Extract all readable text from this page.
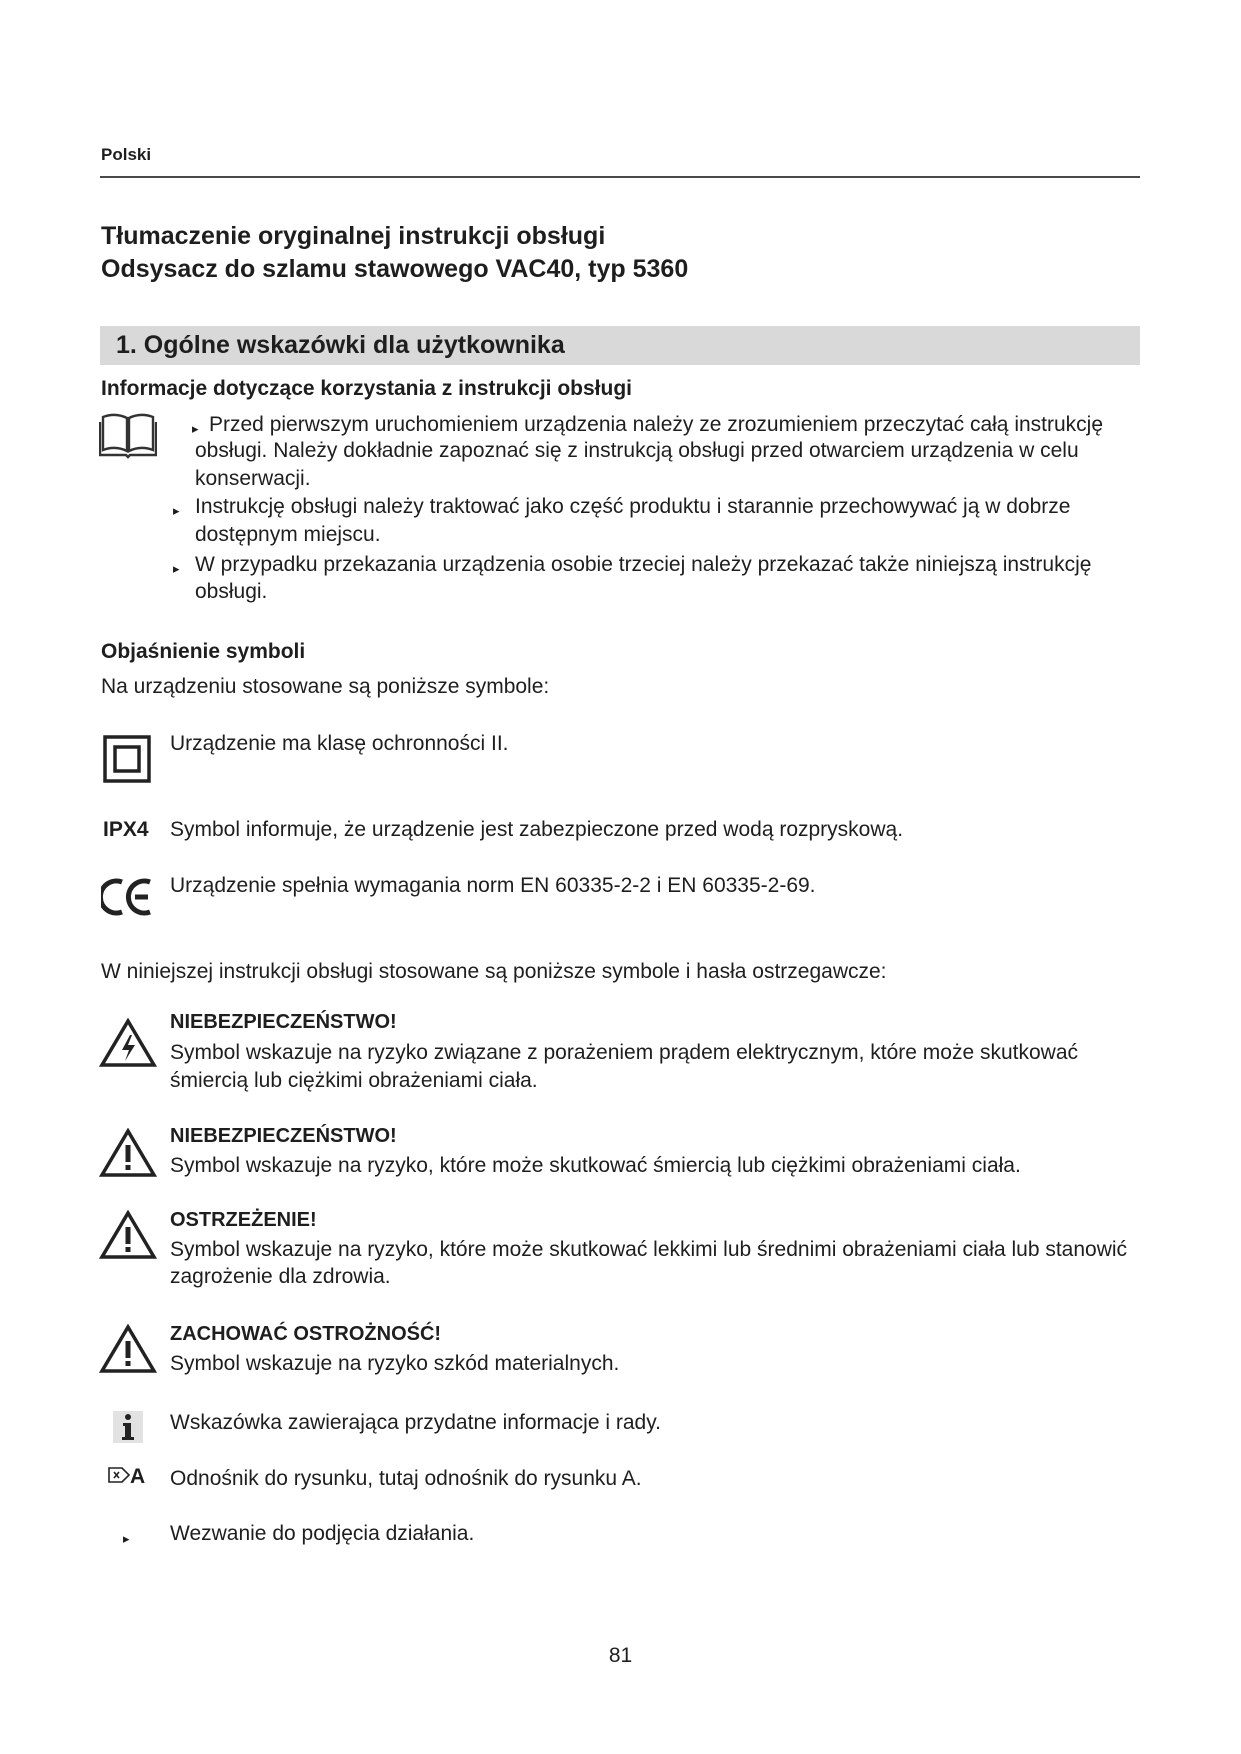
Polski
Tłumaczenie oryginalnej instrukcji obsługi
Odsysacz do szlamu stawowego VAC40, typ 5360
1. Ogólne wskazówki dla użytkownika
Informacje dotyczące korzystania z instrukcji obsługi
▸ Przed pierwszym uruchomieniem urządzenia należy ze zrozumieniem przeczytać całą instrukcję
obsługi. Należy dokładnie zapoznać się z instrukcją obsługi przed otwarciem urządzenia w celu
konserwacji.
▸ Instrukcję obsługi należy traktować jako część produktu i starannie przechowywać ją w dobrze
dostępnym miejscu.
▸ W przypadku przekazania urządzenia osobie trzeciej należy przekazać także niniejszą instrukcję
obsługi.
Objaśnienie symboli
Na urządzeniu stosowane są poniższe symbole:
Urządzenie ma klasę ochronności II.
IPX4 Symbol informuje, że urządzenie jest zabezpieczone przed wodą rozpryskową.
Urządzenie spełnia wymagania norm EN 60335-2-2 i EN 60335-2-69.
W niniejszej instrukcji obsługi stosowane są poniższe symbole i hasła ostrzegawcze:
NIEBEZPIECZEŃSTWO!
Symbol wskazuje na ryzyko związane z porażeniem prądem elektrycznym, które może skutkować
śmiercią lub ciężkimi obrażeniami ciała.
NIEBEZPIECZEŃSTWO!
Symbol wskazuje na ryzyko, które może skutkować śmiercią lub ciężkimi obrażeniami ciała.
OSTRZEŻENIE!
Symbol wskazuje na ryzyko, które może skutkować lekkimi lub średnimi obrażeniami ciała lub stanowić
zagrożenie dla zdrowia.
ZACHOWAĆ OSTROŻNOŚĆ!
Symbol wskazuje na ryzyko szkód materialnych.
Wskazówka zawierająca przydatne informacje i rady.
A Odnośnik do rysunku, tutaj odnośnik do rysunku A.
▸ Wezwanie do podjęcia działania.
81
